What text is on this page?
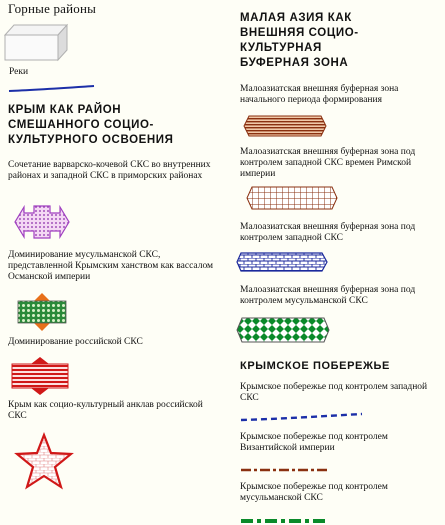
Горные районы
Реки
КРЫМ КАК РАЙОН СМЕШАННОГО СОЦИО-КУЛЬТУРНОГО ОСВОЕНИЯ
Сочетание варварско-кочевой СКС во внутренних районах и западной СКС в приморских районах
Доминирование мусульманской СКС, представленной Крымским ханством как вассалом Османской империи
Доминирование российской СКС
Крым как социо-культурный анклав российской СКС
МАЛАЯ АЗИЯ КАК ВНЕШНЯЯ СОЦИО-КУЛЬТУРНАЯ БУФЕРНАЯ ЗОНА
Малоазиатская внешняя буферная зона начального периода формирования
Малоазиатская внешняя буферная зона под контролем западной СКС времен Римской империи
Малоазиатская внешняя буферная зона под контролем западной СКС
Малоазиатская внешняя буферная зона под контролем мусульманской СКС
КРЫМСКОЕ ПОБЕРЕЖЬЕ
Крымское побережье под контролем западной СКС
Крымское побережье под контролем Византийской империи
Крымское побережье под контролем мусульманской СКС
